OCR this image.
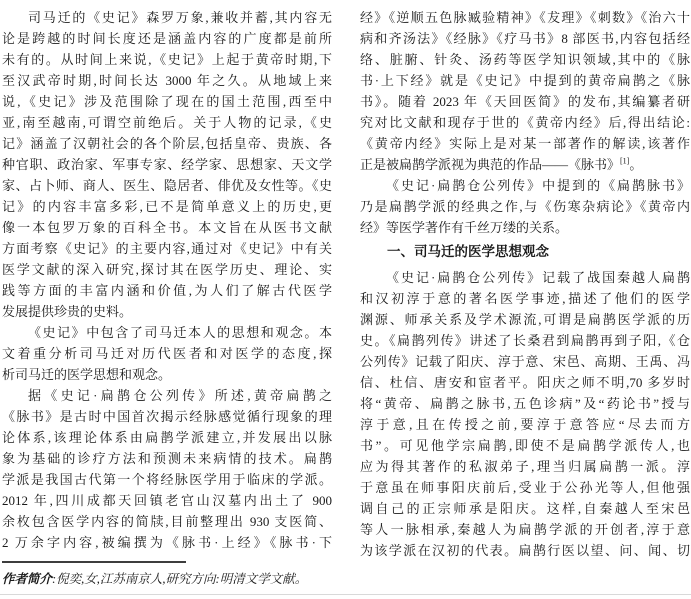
司马迁的《史记》森罗万象,兼收并蓄,其内容无
论是跨越的时间长度还是涵盖内容的广度都是前所
未有的。从时间上来说,《史记》上起于黄帝时期,下
至汉武帝时期,时间长达 3000 年之久。从地域上来
说,《史记》涉及范围除了现在的国土范围,西至中
亚,南至越南,可谓空前绝后。关于人物的记录,《史
记》涵盖了汉朝社会的各个阶层,包括皇帝、贵族、各
种官职、政治家、军事专家、经学家、思想家、天文学
家、占卜师、商人、医生、隐居者、俳优及女性等。《史
记》的内容丰富多彩,已不是简单意义上的历史,更
像一本包罗万象的百科全书。本文旨在从医书文献
方面考察《史记》的主要内容,通过对《史记》中有关
医学文献的深入研究,探讨其在医学历史、理论、实
践等方面的丰富内涵和价值,为人们了解古代医学
发展提供珍贵的史料。
《史记》中包含了司马迁本人的思想和观念。本
文着重分析司马迁对历代医者和对医学的态度,探
析司马迁的医学思想和观念。
据《史记·扁鹊仓公列传》所述,黄帝扁鹊之
《脉书》是古时中国首次揭示经脉感觉循行现象的理
论体系,该理论体系由扁鹊学派建立,并发展出以脉
象为基础的诊疗方法和预测未来病情的技术。扁鹊
学派是我国古代第一个将经脉医学用于临床的学派。
2012 年,四川成都天回镇老官山汉墓内出土了 900
余枚包含医学内容的简牍,目前整理出 930 支医简、
2 万余字内容,被编撰为《脉书·上经》《脉书·下
经》《逆顺五色脉臧验精神》《犮理》《刺数》《治六十
病和齐汤法》《经脉》《疗马书》8 部医书,内容包括经
络、脏腑、针灸、汤药等医学知识领域,其中的《脉
书·上下经》就是《史记》中提到的黄帝扁鹊之《脉
书》。随着 2023 年《天回医简》的发布,其编纂者研
究对比文献和现存于世的《黄帝内经》后,得出结论:
《黄帝内经》实际上是对某一部著作的解读,该著作
正是被扁鹊学派视为典范的作品——《脉书》[1]。
《史记·扁鹊仓公列传》中提到的《扁鹊脉书》
乃是扁鹊学派的经典之作,与《伤寒杂病论》《黄帝内
经》等医学著作有千丝万缕的关系。
一、司马迁的医学思想观念
《史记·扁鹊仓公列传》记载了战国秦越人扁鹊
和汉初淳于意的著名医学事迹,描述了他们的医学
渊源、师承关系及学术源流,可谓是扁鹊医学派的历
史。《扁鹊列传》讲述了长桑君到扁鹊再到子阳,《仓
公列传》记载了阳庆、淳于意、宋邑、高期、王禹、冯
信、杜信、唐安和宦者平。阳庆之师不明,70 多岁时
将“黄帝、扁鹊之脉书,五色诊病”及“药论书”授与
淳于意,且在传授之前,要淳于意答应“尽去而方
书”。可见他学宗扁鹊,即使不是扁鹊学派传人,也
应为得其著作的私淑弟子,理当归属扁鹊一派。淳
于意虽在师事阳庆前后,受业于公孙光等人,但他强
调自己的正宗师承是阳庆。这样,自秦越人至宋邑
等人一脉相承,秦越人为扁鹊学派的开创者,淳于意
为该学派在汉初的代表。扁鹊行医以望、问、闻、切
作者简介:倪奕,女,江苏南京人,研究方向:明清文学文献。
